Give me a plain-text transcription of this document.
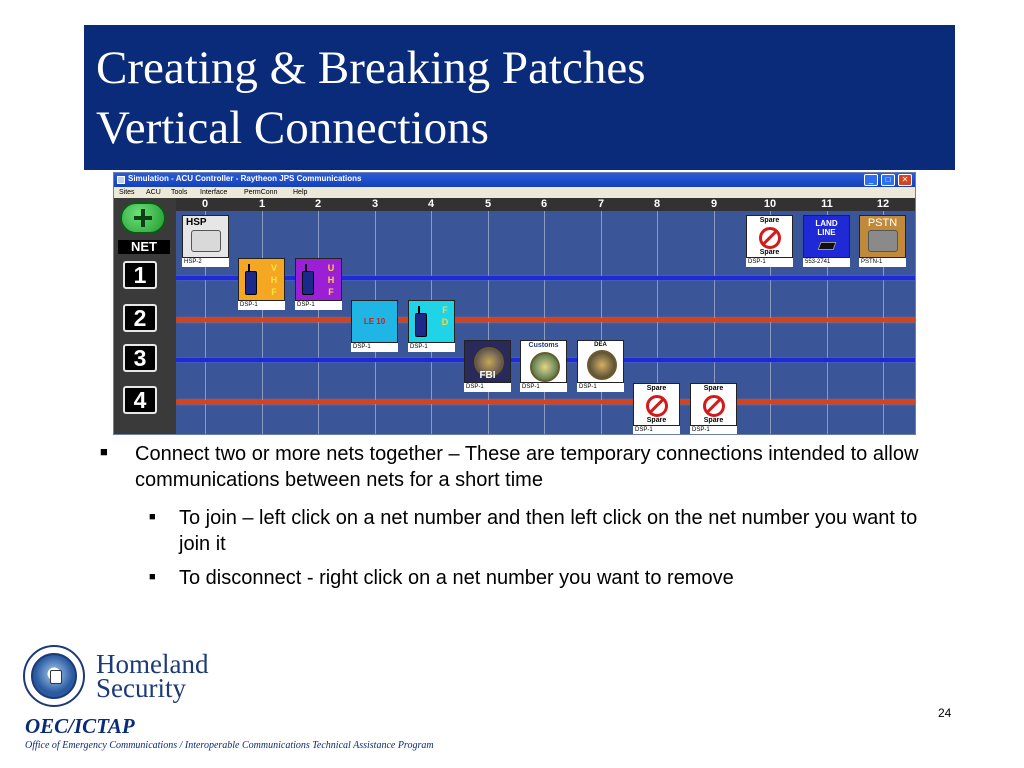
Creating & Breaking Patches
Vertical Connections
Simulation - ACU Controller - Raytheon JPS Communications	_	□	✕
Sites ACU Tools Interface PermConn Help
0	1	2	3	4	5	6	7	8	9	10	11	12
NET
1
2
3
4
HSP
HSP-2
V
H
F
DSP-1
U
H
F
DSP-1
LE 10
DSP-1
F
D
DSP-1
FBI
DSP-1
Customs
DSP-1
DEA
DSP-1
Spare
Spare
DSP-1
LAND LINE
553-2741
PSTN
PSTN-1
Spare
Spare
DSP-1
Spare
Spare
DSP-1
■ Connect two or more nets together – These are temporary connections intended to allow communications between nets for a short time
■ To join – left click on a net number and then left click on the net number you want to join it
■ To disconnect - right click on a net number you want to remove
Homeland
Security
OEC/ICTAP
Office of Emergency Communications / Interoperable Communications Technical Assistance Program
24
